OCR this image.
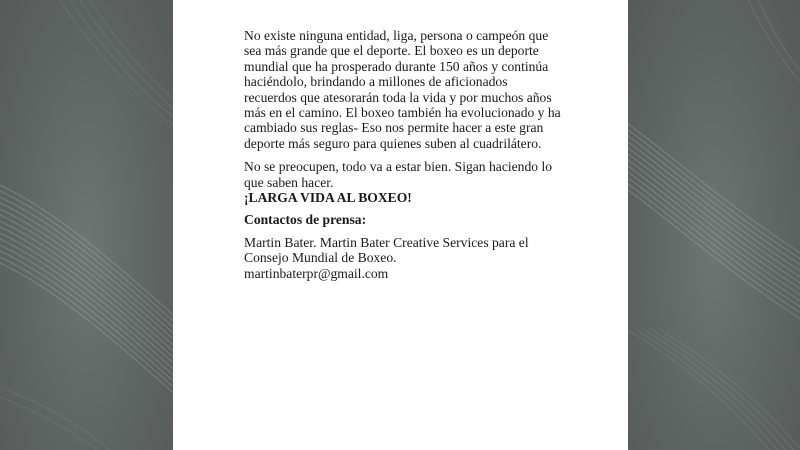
No existe ninguna entidad, liga, persona o campeón que sea más grande que el deporte. El boxeo es un deporte mundial que ha prosperado durante 150 años y continúa haciéndolo, brindando a millones de aficionados recuerdos que atesorarán toda la vida y por muchos años más en el camino. El boxeo también ha evolucionado y ha cambiado sus reglas- Eso nos permite hacer a este gran deporte más seguro para quienes suben al cuadrilátero.

No se preocupen, todo va a estar bien. Sigan haciendo lo que saben hacer.

¡LARGA VIDA AL BOXEO!

Contactos de prensa:

Martin Bater. Martin Bater Creative Services para el Consejo Mundial de Boxeo.

martinbaterpr@gmail.com
